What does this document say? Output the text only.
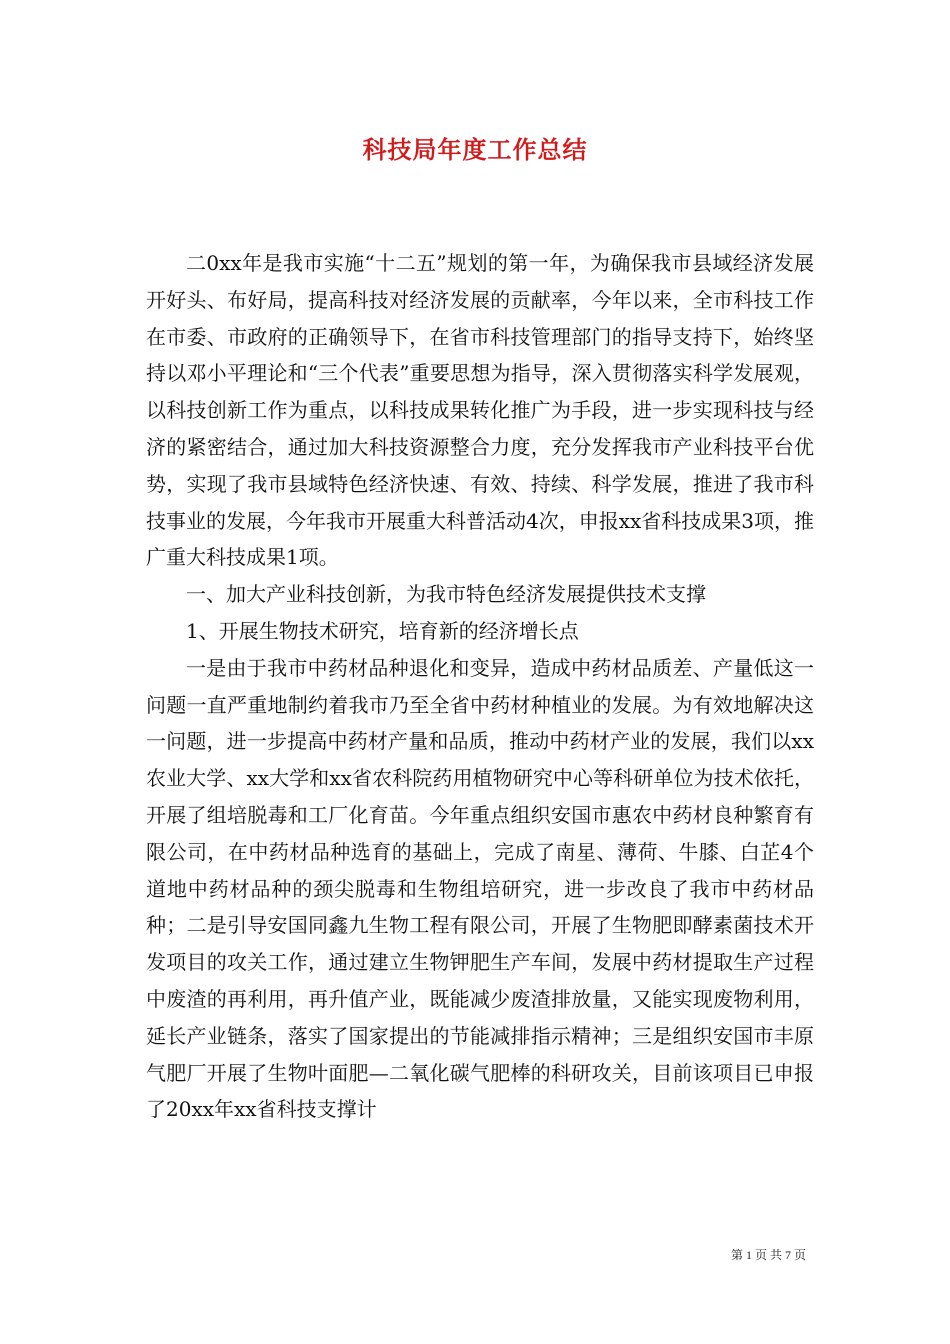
科技局年度工作总结

二0xx年是我市实施“十二五”规划的第一年，为确保我市县域经济发展开好头、布好局，提高科技对经济发展的贡献率，今年以来，全市科技工作在市委、市政府的正确领导下，在省市科技管理部门的指导支持下，始终坚持以邓小平理论和“三个代表”重要思想为指导，深入贯彻落实科学发展观，以科技创新工作为重点，以科技成果转化推广为手段，进一步实现科技与经济的紧密结合，通过加大科技资源整合力度，充分发挥我市产业科技平台优势，实现了我市县域特色经济快速、有效、持续、科学发展，推进了我市科技事业的发展，今年我市开展重大科普活动4次，申报xx省科技成果3项，推广重大科技成果1项。

一、加大产业科技创新，为我市特色经济发展提供技术支撑

1、开展生物技术研究，培育新的经济增长点

一是由于我市中药材品种退化和变异，造成中药材品质差、产量低这一问题一直严重地制约着我市乃至全省中药材种植业的发展。为有效地解决这一问题，进一步提高中药材产量和品质，推动中药材产业的发展，我们以xx农业大学、xx大学和xx省农科院药用植物研究中心等科研单位为技术依托，开展了组培脱毒和工厂化育苗。今年重点组织安国市惠农中药材良种繁育有限公司，在中药材品种选育的基础上，完成了南星、薄荷、牛膝、白芷4个道地中药材品种的颈尖脱毒和生物组培研究，进一步改良了我市中药材品种；二是引导安国同鑫九生物工程有限公司，开展了生物肥即酵素菌技术开发项目的攻关工作，通过建立生物钾肥生产车间，发展中药材提取生产过程中废渣的再利用，再升值产业，既能减少废渣排放量，又能实现废物利用，延长产业链条，落实了国家提出的节能减排指示精神；三是组织安国市丰原气肥厂开展了生物叶面肥—二氧化碳气肥棒的科研攻关，目前该项目已申报了20xx年xx省科技支撑计

第 1 页 共 7 页
